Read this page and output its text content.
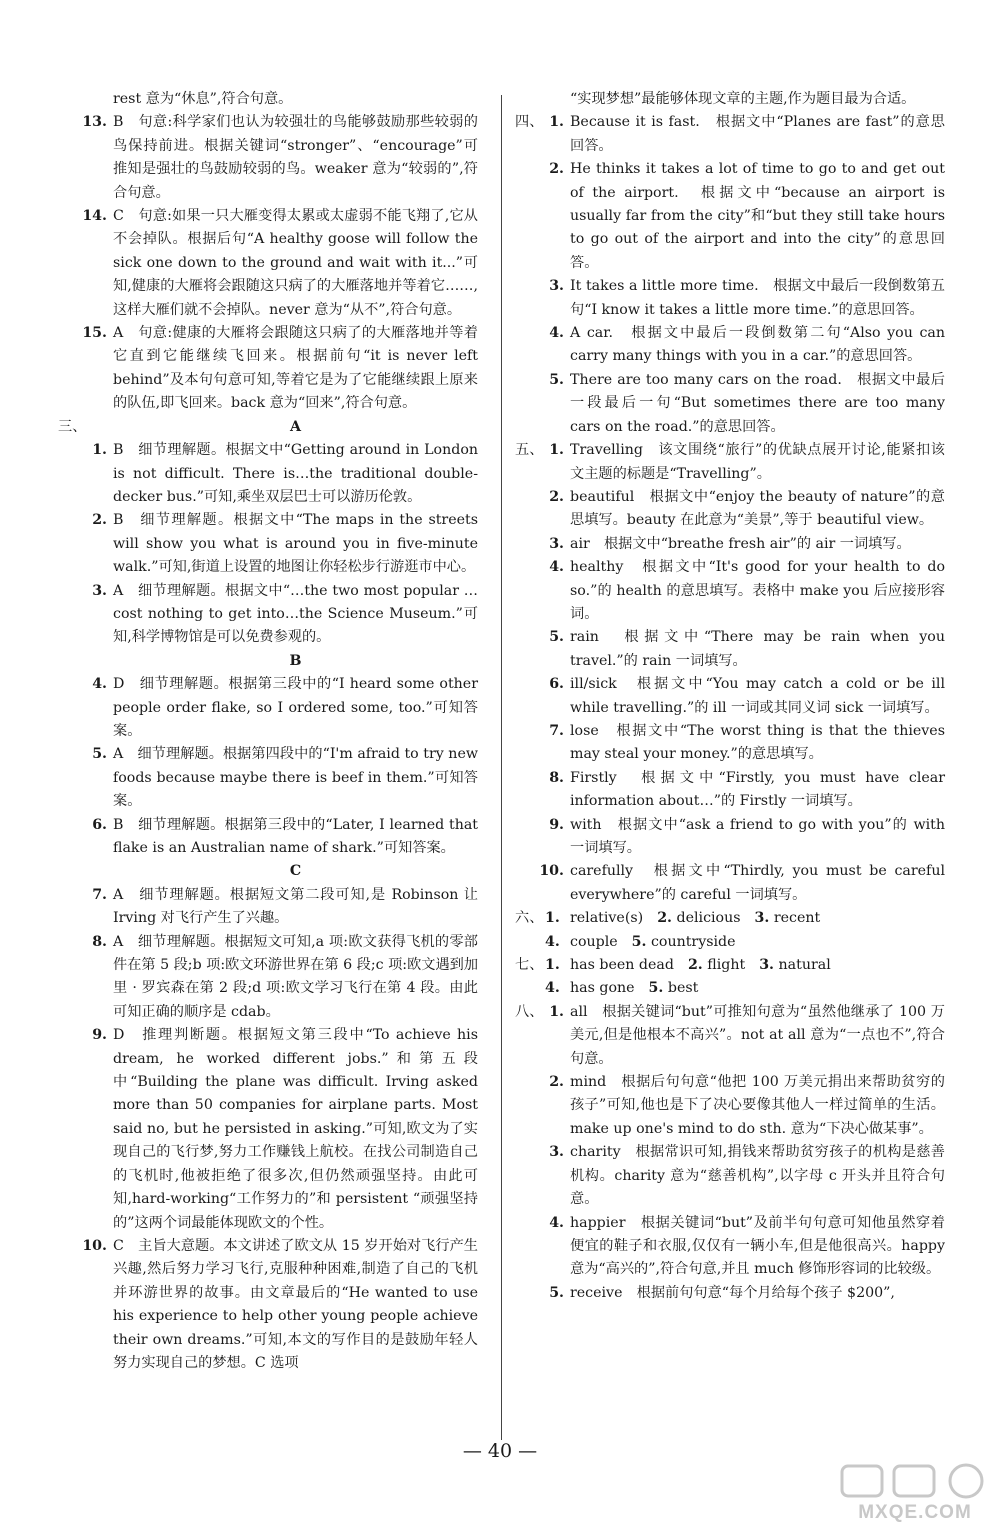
rest 意为“休息”,符合句意。

13. B　句意:科学家们也认为较强壮的鸟能够鼓励那些较弱的鸟保持前进。根据关键词“stronger”、“encourage”可推知是强壮的鸟鼓励较弱的鸟。weaker 意为“较弱的”,符合句意。

14. C　句意:如果一只大雁变得太累或太虚弱不能飞翔了,它从不会掉队。根据后句“A healthy goose will follow the sick one down to the ground and wait with it...”可知,健康的大雁将会跟随这只病了的大雁落地并等着它……,这样大雁们就不会掉队。never 意为“从不”,符合句意。

15. A　句意:健康的大雁将会跟随这只病了的大雁落地并等着它直到它能继续飞回来。根据前句“it is never left behind”及本句句意可知,等着它是为了它能继续跟上原来的队伍,即飞回来。back 意为“回来”,符合句意。

三、	A

1. B　细节理解题。根据文中“Getting around in London is not difficult. There is…the traditional double-decker bus.”可知,乘坐双层巴士可以游历伦敦。

2. B　细节理解题。根据文中“The maps in the streets will show you what is around you in five-minute walk.”可知,街道上设置的地图让你轻松步行游逛市中心。

3. A　细节理解题。根据文中“…the two most popular …cost nothing to get into…the Science Museum.”可知,科学博物馆是可以免费参观的。

B

4. D　细节理解题。根据第三段中的“I heard some other people order flake, so I ordered some, too.”可知答案。

5. A　细节理解题。根据第四段中的“I'm afraid to try new foods because maybe there is beef in them.”可知答案。

6. B　细节理解题。根据第三段中的“Later, I learned that flake is an Australian name of shark.”可知答案。

C

7. A　细节理解题。根据短文第二段可知,是 Robinson 让 Irving 对飞行产生了兴趣。

8. A　细节理解题。根据短文可知,a 项:欧文获得飞机的零部件在第 5 段;b 项:欧文环游世界在第 6 段;c 项:欧文遇到加里 · 罗宾森在第 2 段;d 项:欧文学习飞行在第 4 段。由此可知正确的顺序是 cdab。

9. D　推理判断题。根据短文第三段中“To achieve his dream, he worked different jobs.”和第五段中“Building the plane was difficult. Irving asked more than 50 companies for airplane parts. Most said no, but he persisted in asking.”可知,欧文为了实现自己的飞行梦,努力工作赚钱上航校。在找公司制造自己的飞机时,他被拒绝了很多次,但仍然顽强坚持。由此可知,hard-working“工作努力的”和 persistent “顽强坚持的”这两个词最能体现欧文的个性。

10. C　主旨大意题。本文讲述了欧文从 15 岁开始对飞行产生兴趣,然后努力学习飞行,克服种种困难,制造了自己的飞机并环游世界的故事。由文章最后的“He wanted to use his experience to help other young people achieve their own dreams.”可知,本文的写作目的是鼓励年轻人努力实现自己的梦想。C 选项

“实现梦想”最能够体现文章的主题,作为题目最为合适。

四、 1. Because it is fast.　根据文中“Planes are fast”的意思回答。

2. He thinks it takes a lot of time to go to and get out of the airport.　根据文中“because an airport is usually far from the city”和“but they still take hours to go out of the airport and into the city”的意思回答。

3. It takes a little more time.　根据文中最后一段倒数第五句“I know it takes a little more time.”的意思回答。

4. A car.　根据文中最后一段倒数第二句“Also you can carry many things with you in a car.”的意思回答。

5. There are too many cars on the road.　根据文中最后一段最后一句“But sometimes there are too many cars on the road.”的意思回答。

五、 1. Travelling　该文围绕“旅行”的优缺点展开讨论,能紧扣该文主题的标题是“Travelling”。

2. beautiful　根据文中“enjoy the beauty of nature”的意思填写。beauty 在此意为“美景”,等于 beautiful view。

3. air　根据文中“breathe fresh air”的 air 一词填写。

4. healthy　根据文中“It's good for your health to do so.”的 health 的意思填写。表格中 make you 后应接形容词。

5. rain　根据文中“There may be rain when you travel.”的 rain 一词填写。

6. ill/sick　根据文中“You may catch a cold or be ill while travelling.”的 ill 一词或其同义词 sick 一词填写。

7. lose　根据文中“The worst thing is that the thieves may steal your money.”的意思填写。

8. Firstly　根据文中“Firstly, you must have clear information about…”的 Firstly 一词填写。

9. with　根据文中“ask a friend to go with you”的 with 一词填写。

10. carefully　根据文中“Thirdly, you must be careful everywhere”的 careful 一词填写。

六、 1. relative(s) 2. delicious 3. recent
4. couple 5. countryside
七、 1. has been dead 2. flight 3. natural
4. has gone 5. best

八、 1. all　根据关键词“but”可推知句意为“虽然他继承了 100 万美元,但是他根本不高兴”。not at all 意为“一点也不”,符合句意。

2. mind　根据后句句意“他把 100 万美元捐出来帮助贫穷的孩子”可知,他也是下了决心要像其他人一样过简单的生活。make up one's mind to do sth. 意为“下决心做某事”。

3. charity　根据常识可知,捐钱来帮助贫穷孩子的机构是慈善机构。charity 意为“慈善机构”,以字母 c 开头并且符合句意。

4. happier　根据关键词“but”及前半句句意可知他虽然穿着便宜的鞋子和衣服,仅仅有一辆小车,但是他很高兴。happy 意为“高兴的”,符合句意,并且 much 修饰形容词的比较级。

5. receive　根据前句句意“每个月给每个孩子 $200”,

— 40 —
MXQE.COM
